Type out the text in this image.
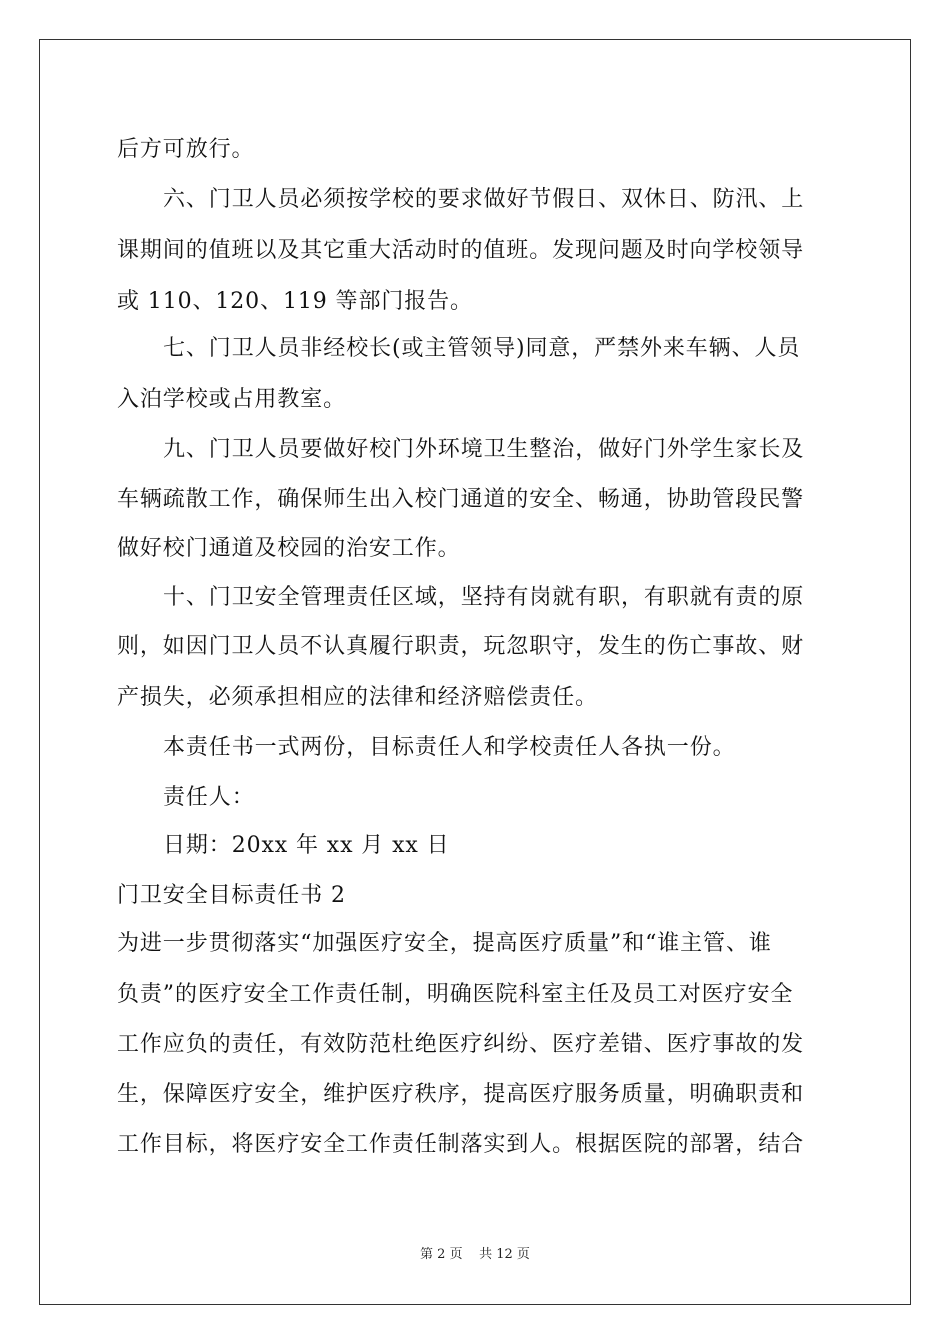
后方可放行。
六、门卫人员必须按学校的要求做好节假日、双休日、防汛、上
课期间的值班以及其它重大活动时的值班。发现问题及时向学校领导
或 110、120、119 等部门报告。
七、门卫人员非经校长(或主管领导)同意，严禁外来车辆、人员
入泊学校或占用教室。
九、门卫人员要做好校门外环境卫生整治，做好门外学生家长及
车辆疏散工作，确保师生出入校门通道的安全、畅通，协助管段民警
做好校门通道及校园的治安工作。
十、门卫安全管理责任区域，坚持有岗就有职，有职就有责的原
则，如因门卫人员不认真履行职责，玩忽职守，发生的伤亡事故、财
产损失，必须承担相应的法律和经济赔偿责任。
本责任书一式两份，目标责任人和学校责任人各执一份。
责任人：
日期：20xx 年 xx 月 xx 日
门卫安全目标责任书 2
为进一步贯彻落实“加强医疗安全，提高医疗质量”和“谁主管、谁
负责”的医疗安全工作责任制，明确医院科室主任及员工对医疗安全
工作应负的责任，有效防范杜绝医疗纠纷、医疗差错、医疗事故的发
生，保障医疗安全，维护医疗秩序，提高医疗服务质量，明确职责和
工作目标，将医疗安全工作责任制落实到人。根据医院的部署，结合
第 2 页 共 12 页
